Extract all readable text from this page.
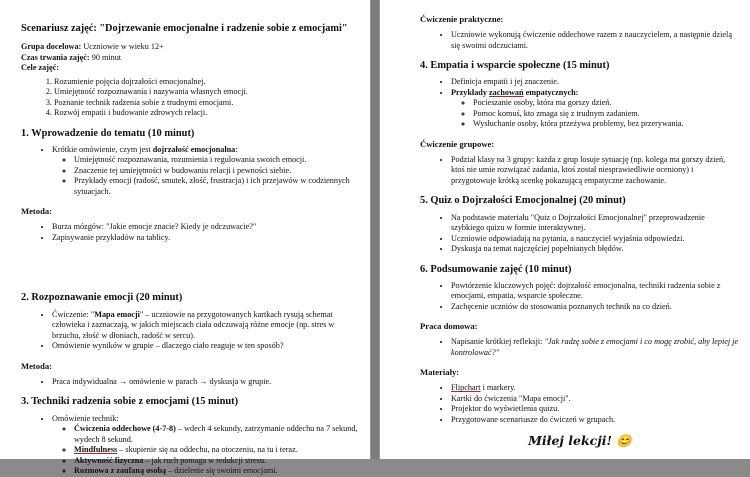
Scenariusz zajęć: "Dojrzewanie emocjonalne i radzenie sobie z emocjami"
Grupa docelowa: Uczniowie w wieku 12+
Czas trwania zajęć: 90 minut
Cele zajęć:
1. Rozumienie pojęcia dojrzałości emocjonalnej.
2. Umiejętność rozpoznawania i nazywania własnych emocji.
3. Poznanie technik radzenia sobie z trudnymi emocjami.
4. Rozwój empatii i budowanie zdrowych relacji.
1. Wprowadzenie do tematu (10 minut)
• Krótkie omówienie, czym jest dojrzałość emocjonalna:
◦ Umiejętność rozpoznawania, rozumienia i regulowania swoich emocji.
◦ Znaczenie tej umiejętności w budowaniu relacji i pewności siebie.
◦ Przykłady emocji (radość, smutek, złość, frustracja) i ich przejawów w codziennych sytuacjach.
Metoda:
• Burza mózgów: "Jakie emocje znacie? Kiedy je odczuwacie?"
• Zapisywanie przykładów na tablicy.
2. Rozpoznawanie emocji (20 minut)
• Ćwiczenie: "Mapa emocji" – uczniowie na przygotowanych kartkach rysują schemat człowieka i zaznaczają, w jakich miejscach ciała odczuwają różne emocje (np. stres w brzuchu, złość w dłoniach, radość w sercu).
• Omówienie wyników w grupie – dlaczego ciało reaguje w ten sposób?
Metoda:
• Praca indywidualna → omówienie w parach → dyskusja w grupie.
3. Techniki radzenia sobie z emocjami (15 minut)
• Omówienie technik:
◦ Ćwiczenia oddechowe (4-7-8) – wdech 4 sekundy, zatrzymanie oddechu na 7 sekund, wydech 8 sekund.
◦ Mindfulness – skupienie się na oddechu, na otoczeniu, na tu i teraz.
◦ Aktywność fizyczna – jak ruch pomaga w redukcji stresu.
◦ Rozmowa z zaufaną osobą – dzielenie się swoimi emocjami.
Ćwiczenie praktyczne:
• Uczniowie wykonują ćwiczenie oddechowe razem z nauczycielem, a następnie dzielą się swoimi odczuciami.
4. Empatia i wsparcie społeczne (15 minut)
• Definicja empatii i jej znaczenie.
• Przykłady zachowań empatycznych:
◦ Pocieszanie osoby, która ma gorszy dzień.
◦ Pomoc komuś, kto zmaga się z trudnym zadaniem.
◦ Wysłuchanie osoby, która przeżywa problemy, bez przerywania.
Ćwiczenie grupowe:
• Podział klasy na 3 grupy: każda z grup losuje sytuację (np. kolega ma gorszy dzień, ktoś nie umie rozwiązać zadania, ktoś został niesprawiedliwie oceniony) i przygotowuje krótką scenkę pokazującą empatyczne zachowanie.
5. Quiz o Dojrzałości Emocjonalnej (20 minut)
• Na podstawie materiału "Quiz o Dojrzałości Emocjonalnej" przeprowadzenie szybkiego quizu w formie interaktywnej.
• Uczniowie odpowiadają na pytania, a nauczyciel wyjaśnia odpowiedzi.
• Dyskusja na temat najczęściej popełnianych błędów.
6. Podsumowanie zajęć (10 minut)
• Powtórzenie kluczowych pojęć: dojrzałość emocjonalna, techniki radzenia sobie z emocjami, empatia, wsparcie społeczne.
• Zachęcenie uczniów do stosowania poznanych technik na co dzień.
Praca domowa:
• Napisanie krótkiej refleksji: "Jak radzę sobie z emocjami i co mogę zrobić, aby lepiej je kontrolować?"
Materiały:
• Flipchart i markery.
• Kartki do ćwiczenia "Mapa emocji".
• Projektor do wyświetlenia quizu.
• Przygotowane scenariusze do ćwiczeń w grupach.
Miłej lekcji! 😊
